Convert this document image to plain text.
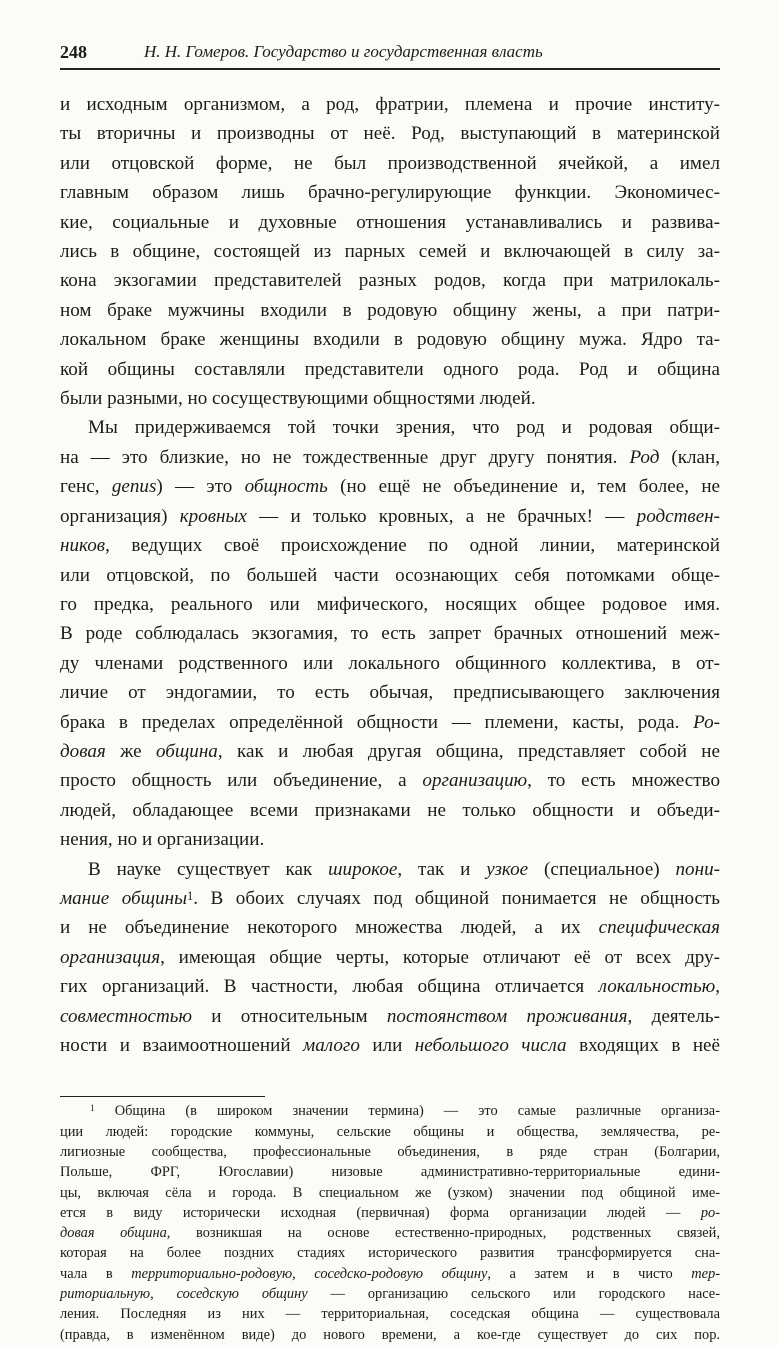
248	Н. Н. Гомеров. Государство и государственная власть
и исходным организмом, а род, фратрии, племена и прочие институ-
ты вторичны и производны от неё. Род, выступающий в материнской
или отцовской форме, не был производственной ячейкой, а имел
главным образом лишь брачно-регулирующие функции. Экономичес-
кие, социальные и духовные отношения устанавливались и развива-
лись в общине, состоящей из парных семей и включающей в силу за-
кона экзогамии представителей разных родов, когда при матрилокаль-
ном браке мужчины входили в родовую общину жены, а при патри-
локальном браке женщины входили в родовую общину мужа. Ядро та-
кой общины составляли представители одного рода. Род и община
были разными, но сосуществующими общностями людей.
Мы придерживаемся той точки зрения, что род и родовая общи-
на — это близкие, но не тождественные друг другу понятия. Род (клан,
генс, genus) — это общность (но ещё не объединение и, тем более, не
организация) кровных — и только кровных, а не брачных! — родствен-
ников, ведущих своё происхождение по одной линии, материнской
или отцовской, по большей части осознающих себя потомками обще-
го предка, реального или мифического, носящих общее родовое имя.
В роде соблюдалась экзогамия, то есть запрет брачных отношений меж-
ду членами родственного или локального общинного коллектива, в от-
личие от эндогамии, то есть обычая, предписывающего заключения
брака в пределах определённой общности — племени, касты, рода. Ро-
довая же община, как и любая другая община, представляет собой не
просто общность или объединение, а организацию, то есть множество
людей, обладающее всеми признаками не только общности и объеди-
нения, но и организации.
В науке существует как широкое, так и узкое (специальное) пони-
мание общины$^1$. В обоих случаях под общиной понимается не общность
и не объединение некоторого множества людей, а их специфическая
организация, имеющая общие черты, которые отличают её от всех дру-
гих организаций. В частности, любая община отличается локальностью,
совместностью и относительным постоянством проживания, деятель-
ности и взаимоотношений малого или небольшого числа входящих в неё
$^1$ Община (в широком значении термина) — это самые различные организа-
ции людей: городские коммуны, сельские общины и общества, землячества, ре-
лигиозные сообщества, профессиональные объединения, в ряде стран (Болгарии,
Польше, ФРГ, Югославии) низовые административно-территориальные едини-
цы, включая сёла и города. В специальном же (узком) значении под общиной име-
ется в виду исторически исходная (первичная) форма организации людей — ро-
довая община, возникшая на основе естественно-природных, родственных связей,
которая на более поздних стадиях исторического развития трансформируется сна-
чала в территориально-родовую, соседско-родовую общину, а затем и в чисто тер-
риториальную, соседскую общину — организацию сельского или городского насе-
ления. Последняя из них — территориальная, соседская община — существовала
(правда, в изменённом виде) до нового времени, а кое-где существует до сих пор.
